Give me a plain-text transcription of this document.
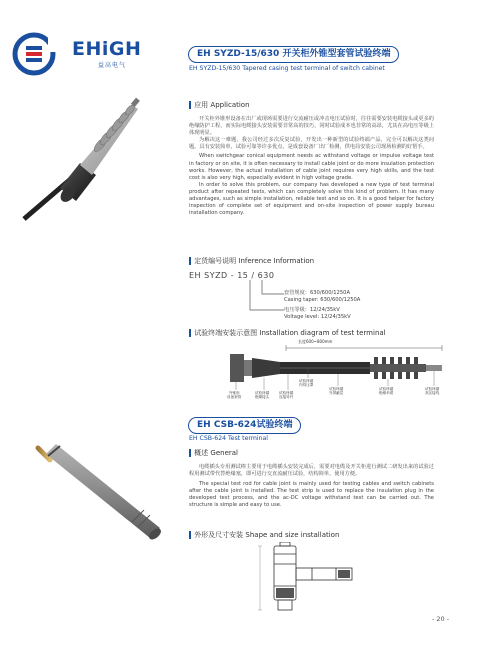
EHiGH
益高电气
EH SYZD-15/630 开关柜外锥型套管试验终端
EH SYZD-15/630 Tapered casing test terminal of switch cabinet
应用 Application

开关柜外锥形设备在出厂或现场需要进行交流耐压或冲击电压试验时，往往需要安装电缆接头或更多的绝缘防护工程，而实际电缆接头安装需要非常高的技巧，同时试验成本也非常的高昂，尤其在高电压等级上体现明显。

为解决这一难题，我公司经过多次反复试验，开发出一种新型的试验终端产品，完全可以解决这类问题。具有安装简单，试验可靠等许多优点，是成套设备厂出厂检测，供电局安装公司现场检测的好帮手。

When switchgear conical equipment needs ac withstand voltage or impulse voltage test in factory or on site, it is often necessary to install cable joint or do more insulation protection works. However, the actual installation of cable joint requires very high skills, and the test cost is also very high, especially evident in high voltage grade.

In order to solve this problem, our company has developed a new type of test terminal product after repeated tests, which can completely solve this kind of problem. It has many advantages, such as simple installation, reliable test and so on. It is a good helper for factory inspection of complete set of equipment and on-site inspection of power supply bureau installation company.

定货编号说明 Inference Information
EH SYZD - 15 / 630
套管规度：630/600/1250A
Casing taper: 630/600/1250A
电压等级：12/24/35kV
Voltage level: 12/24/35kV
试验终端安装示意图 Installation diagram of test terminal
长度600~800mm
外锥形
设备套管
试验终端
绝缘接头
试验终端
连接导杆
试验终端
内均压罩
试验终端
外屏蔽层
试验终端
绝缘伞裙
试验终端
高压接线
EH CSB-624试验终端
EH CSB-624 Test terminal
概述 General

电缆插头专用测试棒主要用于电缆插头安装完成后，需要对电缆及开关柜进行测试二研发出来的试验过程用测试带代替绝缘塞，即可进行交直流耐压试验，结构简单，使用方便。

The special test rod for cable joint is mainly used for testing cables and switch cabinets after the cable joint is installed. The test strip is used to replace the insulation plug in the developed test process, and the ac-DC voltage withstand test can be carried out. The structure is simple and easy to use.

外形及尺寸安装 Shape and size installation
- 20 -
